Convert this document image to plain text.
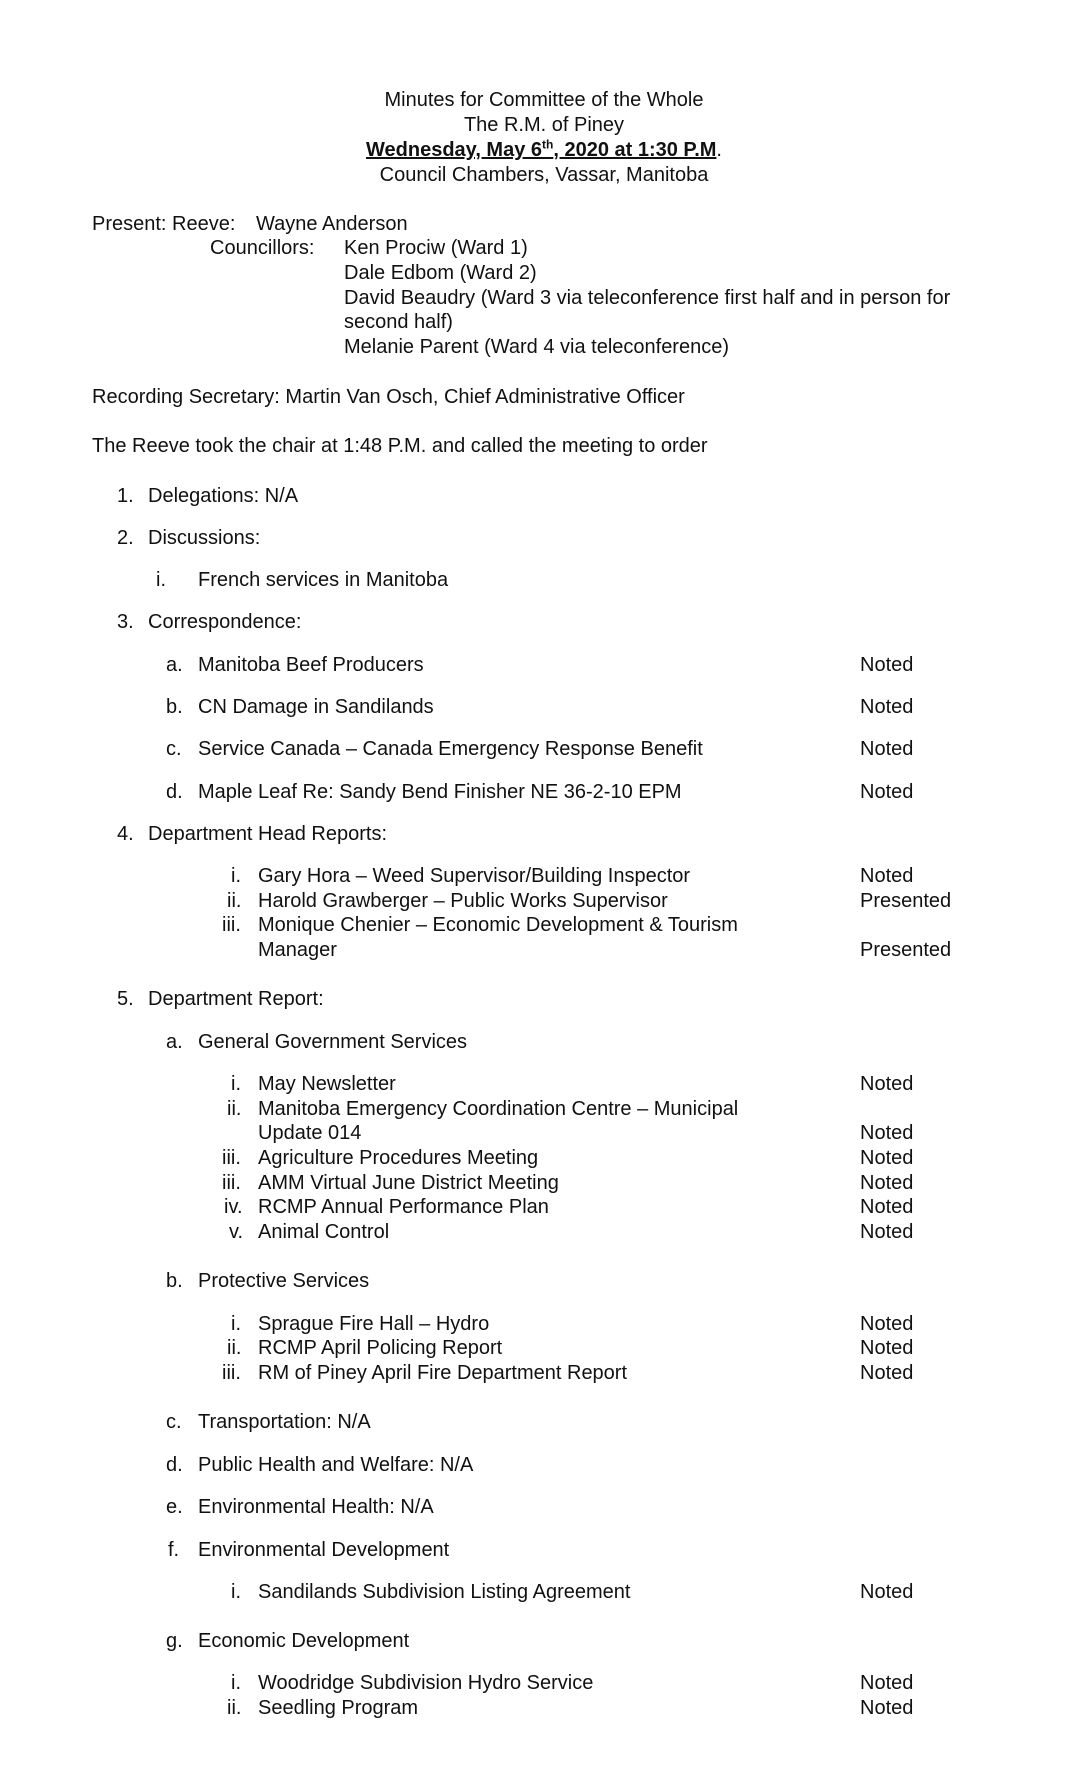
Minutes for Committee of the Whole
The R.M. of Piney
Wednesday, May 6th, 2020 at 1:30 P.M.
Council Chambers, Vassar, Manitoba
Present: Reeve: Wayne Anderson
Councillors: Ken Prociw (Ward 1)
Dale Edbom (Ward 2)
David Beaudry (Ward 3 via teleconference first half and in person for
second half)
Melanie Parent (Ward 4 via teleconference)
Recording Secretary: Martin Van Osch, Chief Administrative Officer
The Reeve took the chair at 1:48 P.M. and called the meeting to order
1. Delegations: N/A
2. Discussions:
i. French services in Manitoba
3. Correspondence:
a. Manitoba Beef Producers	Noted
b. CN Damage in Sandilands	Noted
c. Service Canada – Canada Emergency Response Benefit	Noted
d. Maple Leaf Re: Sandy Bend Finisher NE 36-2-10 EPM	Noted
4. Department Head Reports:
i. Gary Hora – Weed Supervisor/Building Inspector	Noted
ii. Harold Grawberger – Public Works Supervisor	Presented
iii. Monique Chenier – Economic Development & Tourism
Manager	Presented
5. Department Report:
a. General Government Services
i. May Newsletter	Noted
ii. Manitoba Emergency Coordination Centre – Municipal
Update 014	Noted
iii. Agriculture Procedures Meeting	Noted
iii. AMM Virtual June District Meeting	Noted
iv. RCMP Annual Performance Plan	Noted
v. Animal Control	Noted
b. Protective Services
i. Sprague Fire Hall – Hydro	Noted
ii. RCMP April Policing Report	Noted
iii. RM of Piney April Fire Department Report	Noted
c. Transportation: N/A
d. Public Health and Welfare: N/A
e. Environmental Health: N/A
f. Environmental Development
i. Sandilands Subdivision Listing Agreement	Noted
g. Economic Development
i. Woodridge Subdivision Hydro Service	Noted
ii. Seedling Program	Noted
